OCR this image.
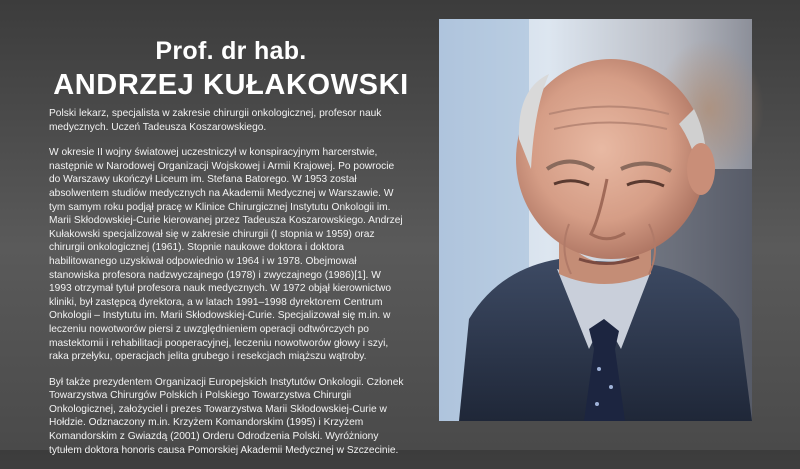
Prof. dr hab.
ANDRZEJ KUŁAKOWSKI

Polski lekarz, specjalista w zakresie chirurgii onkologicznej, profesor nauk medycznych. Uczeń Tadeusza Koszarowskiego.

W okresie II wojny światowej uczestniczył w konspiracyjnym harcerstwie, następnie w Narodowej Organizacji Wojskowej i Armii Krajowej. Po powrocie do Warszawy ukończył Liceum im. Stefana Batorego. W 1953 został absolwentem studiów medycznych na Akademii Medycznej w Warszawie. W tym samym roku podjął pracę w Klinice Chirurgicznej Instytutu Onkologii im. Marii Skłodowskiej-Curie kierowanej przez Tadeusza Koszarowskiego. Andrzej Kułakowski specjalizował się w zakresie chirurgii (I stopnia w 1959) oraz chirurgii onkologicznej (1961). Stopnie naukowe doktora i doktora habilitowanego uzyskiwał odpowiednio w 1964 i w 1978. Obejmował stanowiska profesora nadzwyczajnego (1978) i zwyczajnego (1986)[1]. W 1993 otrzymał tytuł profesora nauk medycznych. W 1972 objął kierownictwo kliniki, był zastępcą dyrektora, a w latach 1991–1998 dyrektorem Centrum Onkologii – Instytutu im. Marii Skłodowskiej-Curie. Specjalizował się m.in. w leczeniu nowotworów piersi z uwzględnieniem operacji odtwórczych po mastektomii i rehabilitacji pooperacyjnej, leczeniu nowotworów głowy i szyi, raka przełyku, operacjach jelita grubego i resekcjach miąższu wątroby.

Był także prezydentem Organizacji Europejskich Instytutów Onkologii. Członek Towarzystwa Chirurgów Polskich i Polskiego Towarzystwa Chirurgii Onkologicznej, założyciel i prezes Towarzystwa Marii Skłodowskiej-Curie w Hołdzie. Odznaczony m.in. Krzyżem Komandorskim (1995) i Krzyżem Komandorskim z Gwiazdą (2001) Orderu Odrodzenia Polski. Wyróżniony tytułem doktora honoris causa Pomorskiej Akademii Medycznej w Szczecinie.
